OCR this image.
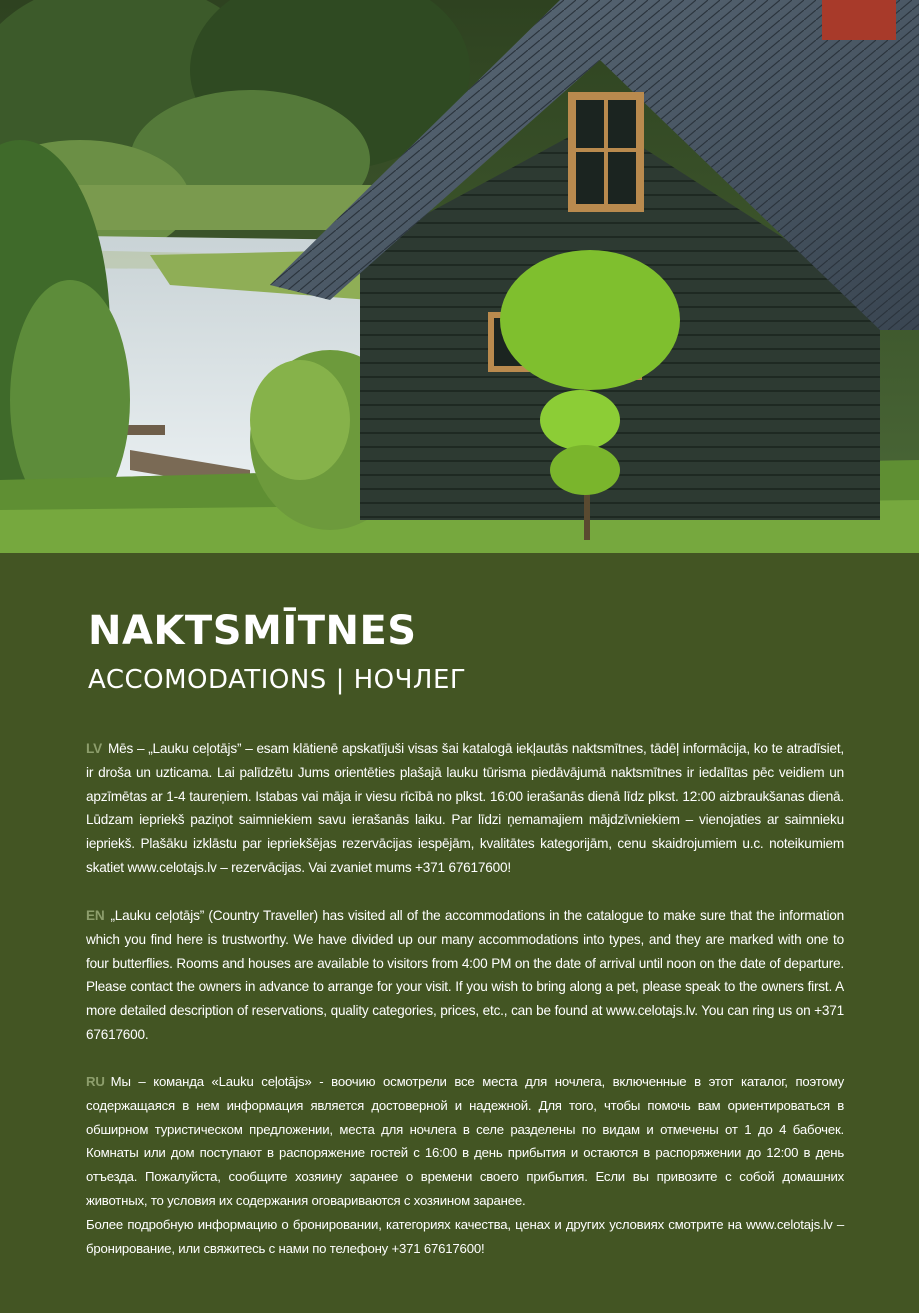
NAKTSMĪTNES
ACCOMODATIONS | НОЧЛЕГ

LV Mēs – „Lauku ceļotājs” – esam klātienē apskatījuši visas šai katalogā iekļautās naktsmītnes, tādēļ informācija, ko te atradīsiet, ir droša un uzticama. Lai palīdzētu Jums orientēties plašajā lauku tūrisma piedāvājumā naktsmītnes ir iedalītas pēc veidiem un apzīmētas ar 1-4 taureņiem. Istabas vai māja ir viesu rīcībā no plkst. 16:00 ierašanās dienā līdz plkst. 12:00 aizbraukšanas dienā. Lūdzam iepriekš paziņot saimniekiem savu ierašanās laiku. Par līdzi ņemamajiem mājdzīvniekiem – vienojaties ar saimnieku iepriekš. Plašāku izklāstu par iepriekšējas rezervācijas iespējām, kvalitātes kategorijām, cenu skaidrojumiem u.c. noteikumiem skatiet www.celotajs.lv – rezervācijas. Vai zvaniet mums +371 67617600!

EN „Lauku ceļotājs” (Country Traveller) has visited all of the accommodations in the catalogue to make sure that the information which you find here is trustworthy. We have divided up our many accommodations into types, and they are marked with one to four butterflies. Rooms and houses are available to visitors from 4:00 PM on the date of arrival until noon on the date of departure. Please contact the owners in advance to arrange for your visit. If you wish to bring along a pet, please speak to the owners first. A more detailed description of reservations, quality categories, prices, etc., can be found at www.celotajs.lv. You can ring us on +371 67617600.

RU Мы – команда «Lauku ceļotājs» - воочию осмотрели все места для ночлега, включенные в этот каталог, поэтому содержащаяся в нем информация является достоверной и надежной. Для того, чтобы помочь вам ориентироваться в обширном туристическом предложении, места для ночлега в селе разделены по видам и отмечены от 1 до 4 бабочек. Комнаты или дом поступают в распоряжение гостей с 16:00 в день прибытия и остаются в распоряжении до 12:00 в день отъезда. Пожалуйста, сообщите хозяину заранее о времени своего прибытия. Если вы привозите с собой домашних животных, то условия их содержания оговариваются с хозяином заранее.
Более подробную информацию о бронировании, категориях качества, ценах и других условиях смотрите на www.celotajs.lv – бронирование, или свяжитесь с нами по телефону +371 67617600!
